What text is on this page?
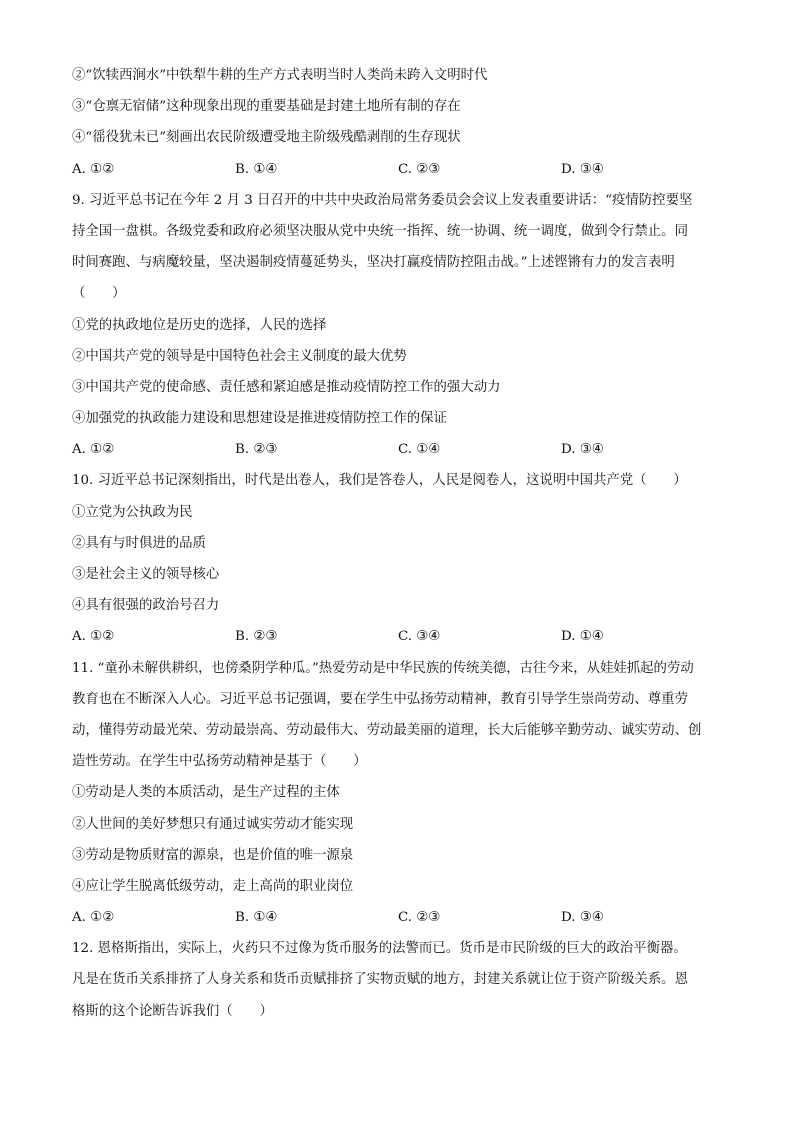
②“饮犊西涧水”中铁犁牛耕的生产方式表明当时人类尚未跨入文明时代
③“仓禀无宿储”这种现象出现的重要基础是封建土地所有制的存在
④“徭役犹未已”刻画出农民阶级遭受地主阶级残酷剥削的生存现状
A. ①②	B. ①④	C. ②③	D. ③④
9. 习近平总书记在今年 2 月 3 日召开的中共中央政治局常务委员会会议上发表重要讲话：“疫情防控要坚
持全国一盘棋。各级党委和政府必须坚决服从党中央统一指挥、统一协调、统一调度，做到令行禁止。同
时间赛跑、与病魔较量，坚决遏制疫情蔓延势头，坚决打赢疫情防控阻击战。”上述铿锵有力的发言表明
（　　）
①党的执政地位是历史的选择，人民的选择
②中国共产党的领导是中国特色社会主义制度的最大优势
③中国共产党的使命感、责任感和紧迫感是推动疫情防控工作的强大动力
④加强党的执政能力建设和思想建设是推进疫情防控工作的保证
A. ①②	B. ②③	C. ①④	D. ③④
10. 习近平总书记深刻指出，时代是出卷人，我们是答卷人，人民是阅卷人，这说明中国共产党（　　）
①立党为公执政为民
②具有与时俱进的品质
③是社会主义的领导核心
④具有很强的政治号召力
A. ①②	B. ②③	C. ③④	D. ①④
11. “童孙未解供耕织，也傍桑阴学种瓜。”热爱劳动是中华民族的传统美德，古往今来，从娃娃抓起的劳动
教育也在不断深入人心。习近平总书记强调，要在学生中弘扬劳动精神，教育引导学生崇尚劳动、尊重劳
动，懂得劳动最光荣、劳动最崇高、劳动最伟大、劳动最美丽的道理，长大后能够辛勤劳动、诚实劳动、创
造性劳动。在学生中弘扬劳动精神是基于（　　）
①劳动是人类的本质活动，是生产过程的主体
②人世间的美好梦想只有通过诚实劳动才能实现
③劳动是物质财富的源泉，也是价值的唯一源泉
④应让学生脱离低级劳动，走上高尚的职业岗位
A. ①②	B. ①④	C. ②③	D. ③④
12. 恩格斯指出，实际上，火药只不过像为货币服务的法警而已。货币是市民阶级的巨大的政治平衡器。
凡是在货币关系排挤了人身关系和货币贡赋排挤了实物贡赋的地方，封建关系就让位于资产阶级关系。恩
格斯的这个论断告诉我们（　　）
